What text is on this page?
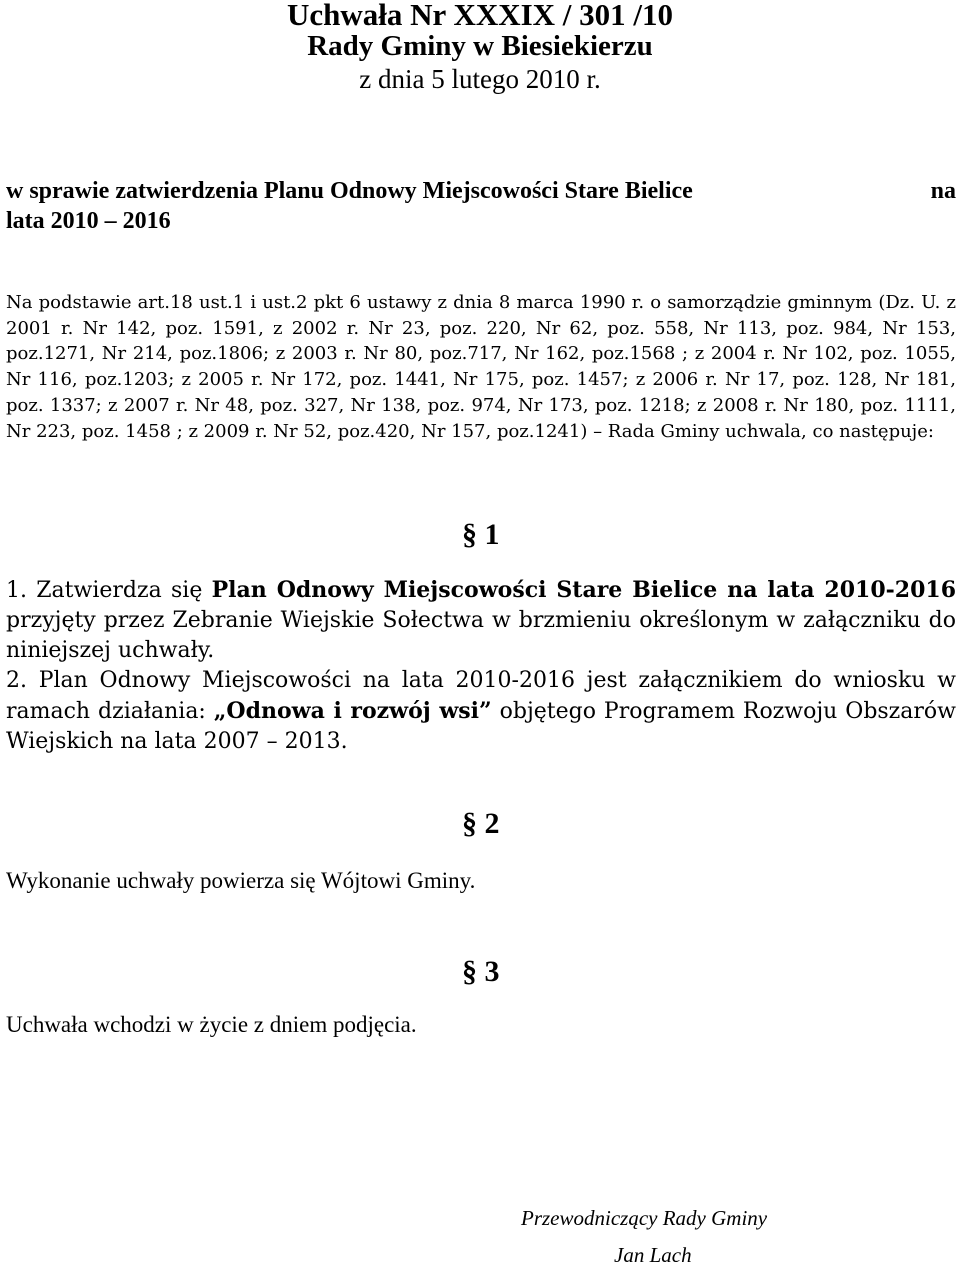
Uchwała Nr XXXIX / 301 /10
Rady Gminy w Biesiekierzu
z dnia 5 lutego 2010 r.
w sprawie zatwierdzenia Planu Odnowy Miejscowości Stare Bielice	na
lata 2010 – 2016
Na podstawie art.18 ust.1 i ust.2 pkt 6 ustawy z dnia 8 marca 1990 r. o samorządzie gminnym (Dz. U. z 2001 r. Nr 142, poz. 1591, z 2002 r. Nr 23, poz. 220, Nr 62, poz. 558, Nr 113, poz. 984, Nr 153, poz.1271, Nr 214, poz.1806; z 2003 r. Nr 80, poz.717, Nr 162, poz.1568 ; z 2004 r. Nr 102, poz. 1055, Nr 116, poz.1203; z 2005 r. Nr 172, poz. 1441, Nr 175, poz. 1457; z 2006 r. Nr 17, poz. 128, Nr 181, poz. 1337; z 2007 r. Nr 48, poz. 327, Nr 138, poz. 974, Nr 173, poz. 1218; z 2008 r. Nr 180, poz. 1111, Nr 223, poz. 1458 ; z 2009 r. Nr 52, poz.420, Nr 157, poz.1241) – Rada Gminy uchwala, co następuje:
§ 1
1. Zatwierdza się Plan Odnowy Miejscowości Stare Bielice na lata 2010-2016 przyjęty przez Zebranie Wiejskie Sołectwa w brzmieniu określonym w załączniku do niniejszej uchwały.
2. Plan Odnowy Miejscowości na lata 2010-2016 jest załącznikiem do wniosku w ramach działania: „Odnowa i rozwój wsi” objętego Programem Rozwoju Obszarów Wiejskich na lata 2007 – 2013.
§ 2
Wykonanie uchwały powierza się Wójtowi Gminy.
§ 3
Uchwała wchodzi w życie z dniem podjęcia.
Przewodniczący Rady Gminy
Jan Lach
